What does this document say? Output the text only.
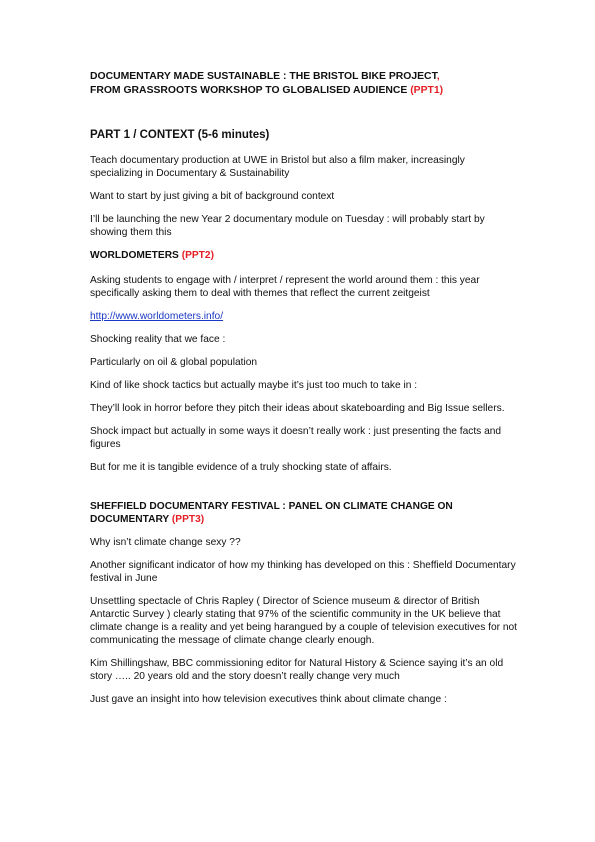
DOCUMENTARY MADE SUSTAINABLE : THE BRISTOL BIKE PROJECT,
FROM GRASSROOTS WORKSHOP TO GLOBALISED AUDIENCE (PPT1)
PART 1 / CONTEXT (5-6 minutes)

Teach documentary production at UWE in Bristol but also a film maker, increasingly specializing in Documentary & Sustainability

Want to start by just giving a bit of background context

I’ll be launching the new Year 2 documentary module on Tuesday : will probably start by showing them this

WORLDOMETERS (PPT2)

Asking students to engage with / interpret / represent the world around them : this year specifically asking them to deal with themes that reflect the current zeitgeist

http://www.worldometers.info/

Shocking reality that we face :

Particularly on oil & global population

Kind of like shock tactics but actually maybe it’s just too much to take in :

They’ll look in horror before they pitch their ideas about skateboarding and Big Issue sellers.

Shock impact but actually in some ways it doesn’t really work : just presenting the facts and figures

But for me it is tangible evidence of a truly shocking state of affairs.

SHEFFIELD DOCUMENTARY FESTIVAL : PANEL ON CLIMATE CHANGE ON
DOCUMENTARY (PPT3)

Why isn’t climate change sexy ??

Another significant indicator of how my thinking has developed on this : Sheffield Documentary festival in June

Unsettling spectacle of Chris Rapley ( Director of Science museum & director of British Antarctic Survey ) clearly stating that 97% of the scientific community in the UK believe that climate change is a reality and yet being harangued by a couple of television executives for not communicating the message of climate change clearly enough.

Kim Shillingshaw, BBC commissioning editor for Natural History & Science saying it’s an old story ….. 20 years old and the story doesn’t really change very much

Just gave an insight into how television executives think about climate change :
